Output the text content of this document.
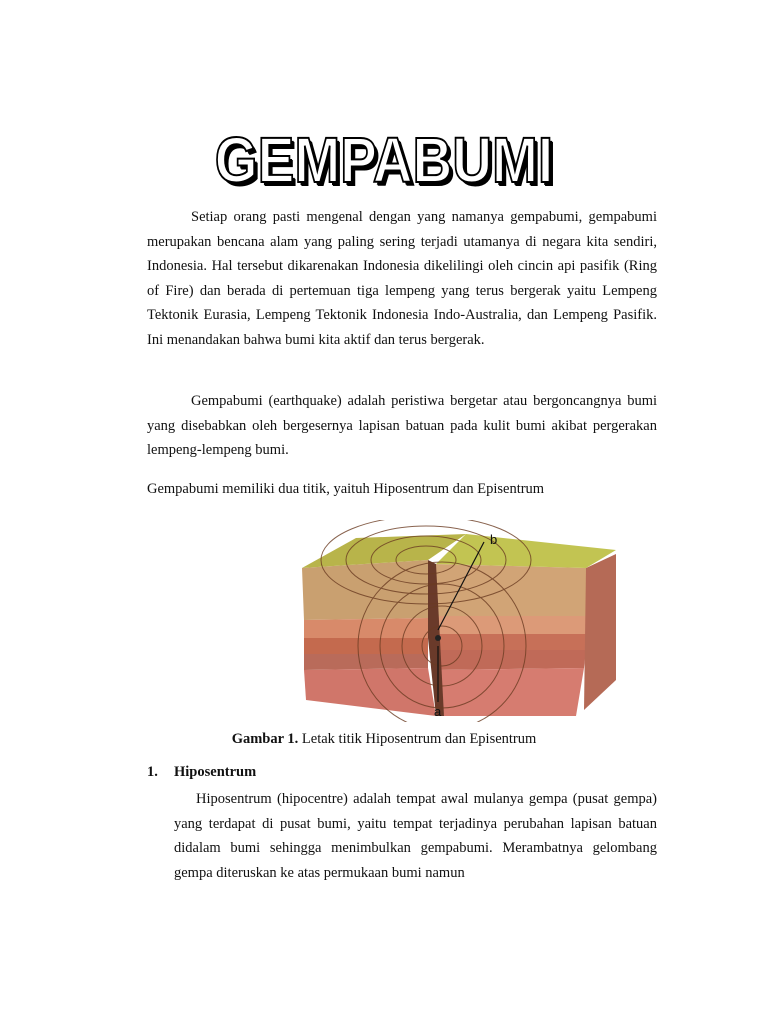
GEMPABUMI

Setiap orang pasti mengenal dengan yang namanya gempabumi, gempabumi merupakan bencana alam yang paling sering terjadi utamanya di negara kita sendiri, Indonesia. Hal tersebut dikarenakan Indonesia dikelilingi oleh cincin api pasifik (Ring of Fire) dan berada di pertemuan tiga lempeng yang terus bergerak yaitu Lempeng Tektonik Eurasia, Lempeng Tektonik Indonesia Indo-Australia, dan Lempeng Pasifik. Ini menandakan bahwa bumi kita aktif dan terus bergerak.

Gempabumi (earthquake) adalah peristiwa bergetar atau bergoncangnya bumi yang disebabkan oleh bergesernya lapisan batuan pada kulit bumi akibat pergerakan lempeng-lempeng bumi.

Gempabumi memiliki dua titik, yaituh Hiposentrum dan Episentrum

b
a
Gambar 1. Letak titik Hiposentrum dan Episentrum
1. Hiposentrum

Hiposentrum (hipocentre) adalah tempat awal mulanya gempa (pusat gempa) yang terdapat di pusat bumi, yaitu tempat terjadinya perubahan lapisan batuan didalam bumi sehingga menimbulkan gempabumi. Merambatnya gelombang gempa diteruskan ke atas permukaan bumi namun
